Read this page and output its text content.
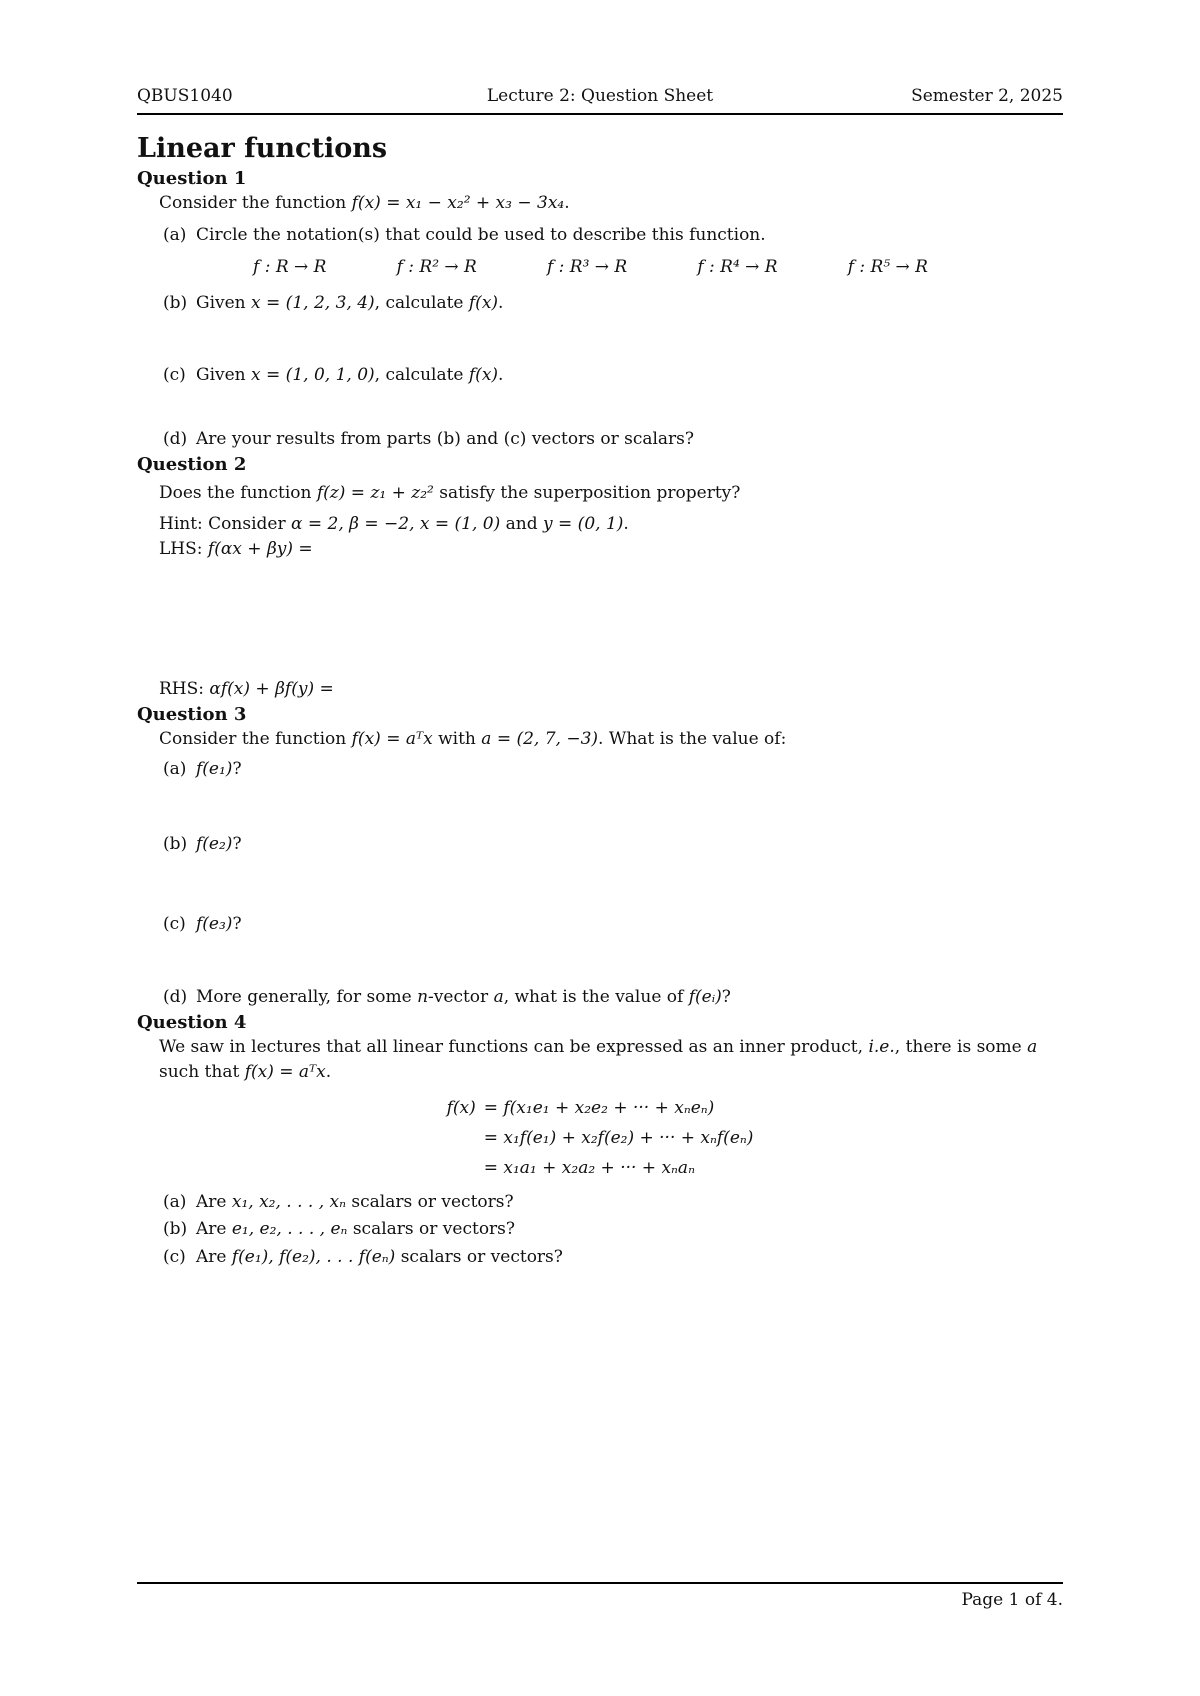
QBUS1040	Lecture 2: Question Sheet	Semester 2, 2025
Linear functions
Question 1

Consider the function f(x) = x₁ − x₂² + x₃ − 3x₄.

(a) Circle the notation(s) that could be used to describe this function.

f : R → R	f : R² → R	f : R³ → R	f : R⁴ → R	f : R⁵ → R

(b) Given x = (1, 2, 3, 4), calculate f(x).

(c) Given x = (1, 0, 1, 0), calculate f(x).

(d) Are your results from parts (b) and (c) vectors or scalars?

Question 2

Does the function f(z) = z₁ + z₂² satisfy the superposition property?

Hint: Consider α = 2, β = −2, x = (1, 0) and y = (0, 1).

LHS: f(αx + βy) =

RHS: αf(x) + βf(y) =

Question 3

Consider the function f(x) = aᵀx with a = (2, 7, −3). What is the value of:

(a) f(e₁)?

(b) f(e₂)?

(c) f(e₃)?

(d) More generally, for some n-vector a, what is the value of f(eᵢ)?

Question 4

We saw in lectures that all linear functions can be expressed as an inner product, i.e., there is some a such that f(x) = aᵀx.

f(x) = f(x₁e₁ + x₂e₂ + ··· + xₙeₙ)
= x₁f(e₁) + x₂f(e₂) + ··· + xₙf(eₙ)
= x₁a₁ + x₂a₂ + ··· + xₙaₙ

(a) Are x₁, x₂, . . . , xₙ scalars or vectors?

(b) Are e₁, e₂, . . . , eₙ scalars or vectors?

(c) Are f(e₁), f(e₂), . . . f(eₙ) scalars or vectors?

Page 1 of 4.
